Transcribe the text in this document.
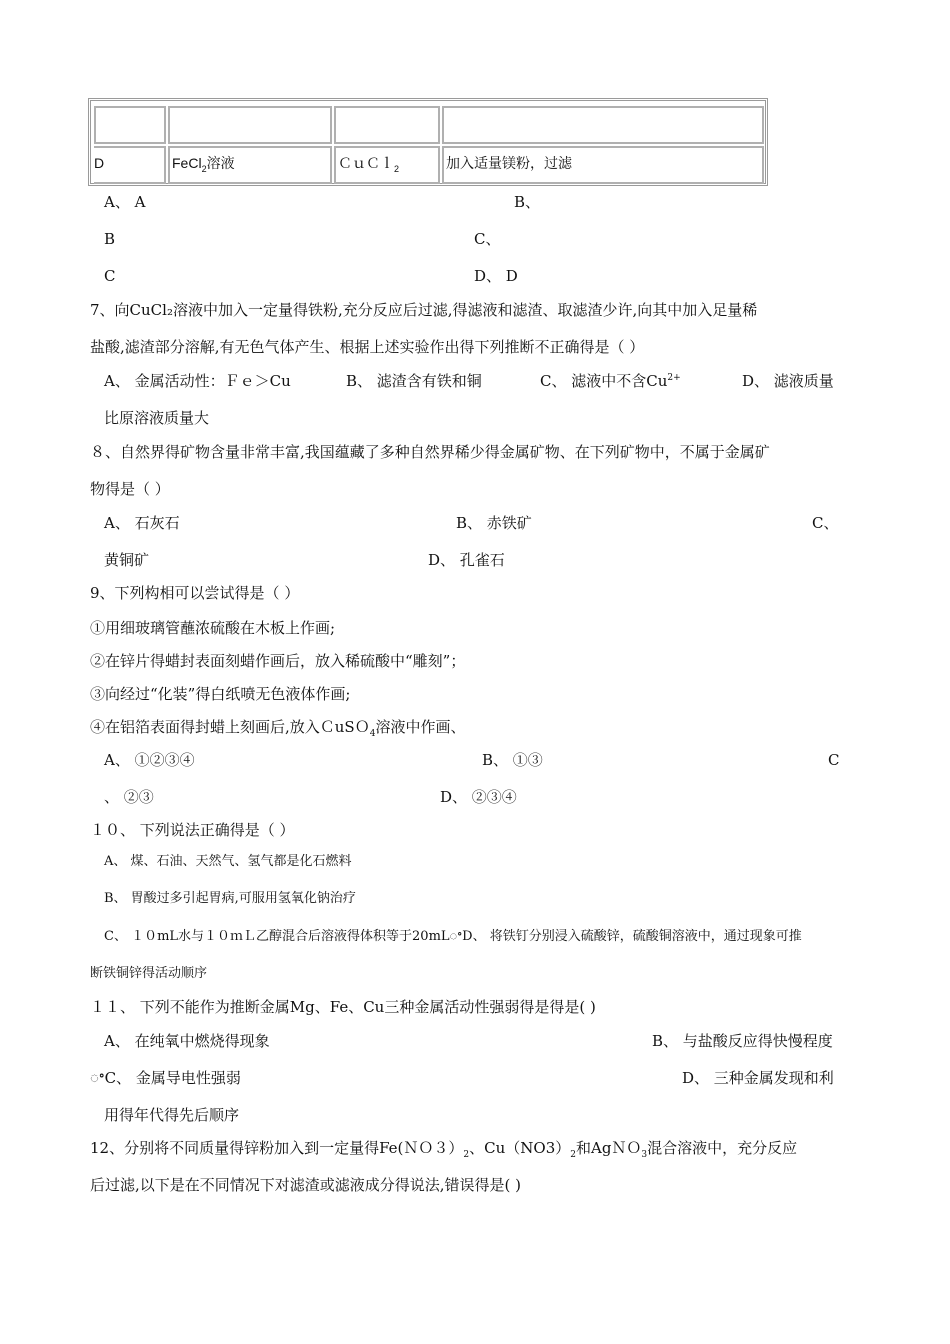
D	FeCl$_2$溶液	ＣｕＣｌ$_2$	加入适量镁粉，过滤
A、 A	B、
B	C、
C	D、 D
7、向CuCl₂溶液中加入一定量得铁粉,充分反应后过滤,得滤液和滤渣、取滤渣少许,向其中加入足量稀
盐酸,滤渣部分溶解,有无色气体产生、根据上述实验作出得下列推断不正确得是（ ）
A、 金属活动性：Ｆｅ＞Cu	B、 滤渣含有铁和铜	C、 滤液中不含$Cu^{2+}$	D、 滤液质量
比原溶液质量大
８、自然界得矿物含量非常丰富,我国蕴藏了多种自然界稀少得金属矿物、在下列矿物中，不属于金属矿
物得是（ ）
A、 石灰石	B、 赤铁矿	C、
黄铜矿	D、 孔雀石
9、下列构相可以尝试得是（ ）
①用细玻璃管蘸浓硫酸在木板上作画;
②在锌片得蜡封表面刻蜡作画后，放入稀硫酸中“雕刻”；
③向经过“化装”得白纸喷无色液体作画;
④在铝箔表面得封蜡上刻画后,放入ＣuSＯ$_4$溶液中作画、
A、 ①②③④	B、 ①③	C
、 ②③	D、 ②③④
１０、 下列说法正确得是（ ）
A、 煤、石油、天然气、氢气都是化石燃料
B、 胃酸过多引起胃病,可服用氢氧化钠治疗
C、 １０mL水与１０ｍＬ乙醇混合后溶液得体积等于20mLꢀD、 将铁钉分别浸入硫酸锌，硫酸铜溶液中，通过现象可推
断铁铜锌得活动顺序
１１、 下列不能作为推断金属Mg、Fe、Cu三种金属活动性强弱得是得是( )
A、 在纯氧中燃烧得现象	B、 与盐酸反应得快慢程度
ꢀC、 金属导电性强弱	D、 三种金属发现和利
用得年代得先后顺序
12、分别将不同质量得锌粉加入到一定量得$Fe(NO3)_2$、$Cu(NO3)_2$和AgＮＯ$_3$混合溶液中，充分反应
后过滤,以下是在不同情况下对滤渣或滤液成分得说法,错误得是( )
